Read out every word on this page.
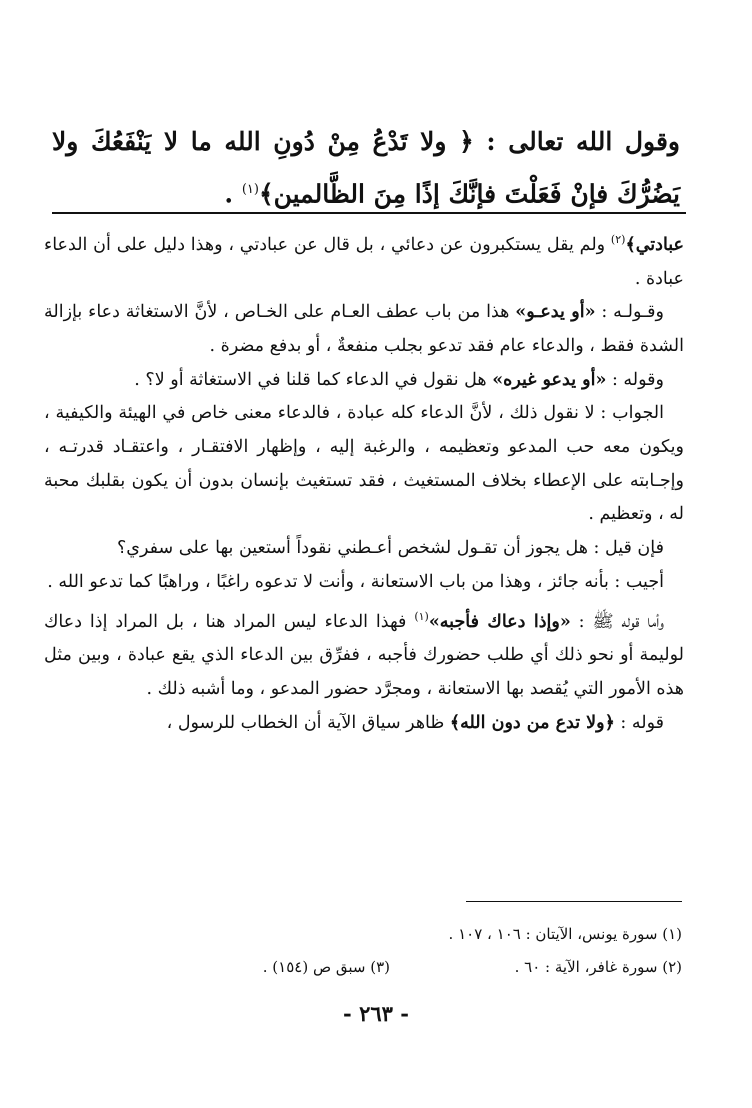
وقول الله تعالى : ﴿ ولا تَدْعُ مِنْ دُونِ الله ما لا يَنْفَعُكَ ولا يَضُرُّكَ فإنْ فَعَلْتَ فإنَّكَ إذًا مِنَ الظَّالمين﴾$^{(١)}$ .

عبادتي﴾$^{(٢)}$ ولم يقل يستكبرون عن دعائي ، بل قال عن عبادتي ، وهذا دليل على أن الدعاء عبادة .

وقـولـه : «أو يدعـو» هذا من باب عطف العـام على الخـاص ، لأنَّ الاستغاثة دعاء بإزالة الشدة فقط ، والدعاء عام فقد تدعو بجلب منفعةٌ ، أو بدفع مضرة .

وقوله : «أو يدعو غيره» هل نقول في الدعاء كما قلنا في الاستغاثة أو لا؟ .

الجواب : لا نقول ذلك ، لأنَّ الدعاء كله عبادة ، فالدعاء معنى خاص في الهيئة والكيفية ، ويكون معه حب المدعو وتعظيمه ، والرغبة إليه ، وإظهار الافتقـار ، واعتقـاد قدرتـه ، وإجـابته على الإعطاء بخلاف المستغيث ، فقد تستغيث بإنسان بدون أن يكون بقلبك محبة له ، وتعظيم .

فإن قيل : هل يجوز أن تقـول لشخص أعـطني نقوداً أستعين بها على سفري؟

أجيب : بأنه جائز ، وهذا من باب الاستعانة ، وأنت لا تدعوه راغبًا ، وراهبًا كما تدعو الله .

وأما قوله ﷺ : «وإذا دعاك فأجبه»$^{(١)}$ فهذا الدعاء ليس المراد هنا ، بل المراد إذا دعاك لوليمة أو نحو ذلك أي طلب حضورك فأجبه ، ففرِّق بين الدعاء الذي يقع عبادة ، وبين مثل هذه الأمور التي يُقصد بها الاستعانة ، ومجرَّد حضور المدعو ، وما أشبه ذلك .

قوله : ﴿ولا تدع من دون الله﴾ ظاهر سياق الآية أن الخطاب للرسول ،

(١) سورة يونس، الآيتان : ١٠٦ ، ١٠٧ .
(٢) سورة غافر، الآية : ٦٠ .
(٣) سبق ص (١٥٤) .
- ٢٦٣ -
